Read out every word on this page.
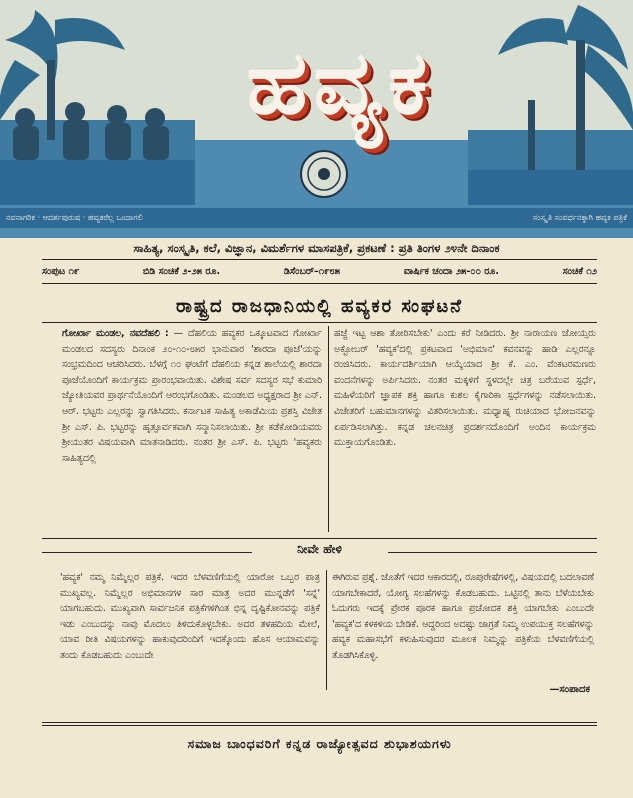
ಹವ್ಯಕ
ನವನಾಗರಿಕ · ಆದರ್ಶಪುರುಷ · ಹವ್ಯಕರೆಲ್ಲ ಒಂದಾಗಲಿ	ಸಂಸ್ಕೃತಿ ಸಂವರ್ಧನಕ್ಕಾಗಿ ಹವ್ಯಕ ಪತ್ರಿಕೆ
ಸಾಹಿತ್ಯ, ಸಂಸ್ಕೃತಿ, ಕಲೆ, ವಿಜ್ಞಾನ, ವಿಮರ್ಶೆಗಳ ಮಾಸಪತ್ರಿಕೆ, ಪ್ರಕಟಣೆ : ಪ್ರತಿ ತಿಂಗಳ ೨೪ನೇ ದಿನಾಂಕ
ಸಂಪುಟ ೧೯	ಬಿಡಿ ಸಂಚಿಕೆ ೨-೨೫ ರೂ.	ಡಿಸೆಂಬರ್–೧೯೮೫	ವಾರ್ಷಿಕ ಚಂದಾ ೨೫-೦೦ ರೂ.	ಸಂಚಿಕೆ ೧೨
ರಾಷ್ಟ್ರದ ರಾಜಧಾನಿಯಲ್ಲಿ ಹವ್ಯಕರ ಸಂಘಟನೆ

ಗೋರ್ಖಾ ಮಂಡಲ, ನವದೆಹಲಿ : — ದೆಹಲಿಯ ಹವ್ಯಕರ ಒಕ್ಕೂಟವಾದ ಗೋರ್ಖಾ ಮಂಡಲದ ಸದಸ್ಯರು ದಿನಾಂಕ ೨೦-೧೦-೮೫ರ ಭಾನುವಾರ 'ಶಾರದಾ ಪೂಜೆ'ಯನ್ನು ಸಂಭ್ರಮದಿಂದ ಆಚರಿಸಿದರು. ಬೆಳಗ್ಗೆ ೧೦ ಘಂಟೆಗೆ ದೆಹಲಿಯ ಕನ್ನಡ ಶಾಲೆಯಲ್ಲಿ ಶಾರದಾ ಪೂಜೆಯೊಂದಿಗೆ ಕಾರ್ಯಕ್ರಮ ಪ್ರಾರಂಭವಾಯಿತು. ವಿಶೇಷ ಸರ್ವ ಸದಸ್ಯರ ಸಭೆ ಕುಮಾರಿ ಜ್ಯೋತಿಯವರ ಪ್ರಾರ್ಥನೆಯೊಂದಿಗೆ ಆರಂಭಗೊಂಡಿತು. ಮಂಡಲದ ಅಧ್ಯಕ್ಷರಾದ ಶ್ರೀ ಎನ್. ಆರ್. ಭಟ್ಟರು ಎಲ್ಲರನ್ನು ಸ್ವಾಗತಿಸಿದರು. ಕರ್ನಾಟಕ ಸಾಹಿತ್ಯ ಅಕಾಡೆಮಿಯ ಪ್ರಶಸ್ತಿ ವಿಜೇತ ಶ್ರೀ ಎಸ್. ಪಿ. ಭಟ್ಟರನ್ನು ಹೃತ್ಪೂರ್ವಕವಾಗಿ ಸನ್ಮಾನಿಸಲಾಯಿತು. ಶ್ರೀ ಕಡೆಕೋಡಿಯವರು ಶ್ರೀಯುತರ ವಿಷಯವಾಗಿ ಮಾತನಾಡಿದರು. ನಂತರ ಶ್ರೀ ಎಸ್. ಪಿ. ಭಟ್ಟರು 'ಹವ್ಯಕರು ಸಾಹಿತ್ಯದಲ್ಲಿ

ಹಜ್ಜೆ ಇಟ್ಟ ಆಶಾ ತೋರಿಸಬೇಕು' ಎಂದು ಕರೆ ನೀಡಿದರು. ಶ್ರೀ ನಾರಾಯಣ ಜೋಯ್ಸರು ಅಕ್ಟೋಬರ್ 'ಹವ್ಯಕ'ದಲ್ಲಿ ಪ್ರಕಟವಾದ 'ಅಭಿಮಾನ' ಕವನವನ್ನು ಹಾಡಿ ಎಲ್ಲರನ್ನೂ ರಂಜಿಸಿದರು. ಕಾರ್ಯದರ್ಶಿಯಾಗಿ ಆಯ್ಕೆಯಾದ ಶ್ರೀ ಕೆ. ಎಂ. ವೆಂಕಟರಮಣರು ವಂದನೆಗಳನ್ನು ಅರ್ಪಿಸಿದರು. ನಂತರ ಮಕ್ಕಳಿಗೆ ಸ್ಥಳದಲ್ಲೇ ಚಿತ್ರ ಬರೆಯುವ ಸ್ಪರ್ಧೆ, ಮಹಿಳೆಯರಿಗೆ ಜ್ಞಾಪಕ ಶಕ್ತಿ ಹಾಗೂ ಕುಶಲ ಕೈಗಾರಿಕಾ ಸ್ಪರ್ಧೆಗಳನ್ನು ನಡೆಸಲಾಯಿತು. ವಿಜೇತರಿಗೆ ಬಹುಮಾನಗಳನ್ನು ವಿತರಿಸಲಾಯಿತು. ಮಧ್ಯಾಹ್ನ ರುಚಿಯಾದ ಭೋಜನವನ್ನು ಏರ್ಪಡಿಸಲಾಗಿತ್ತು. ಕನ್ನಡ ಚಲನಚಿತ್ರ ಪ್ರದರ್ಶನದೊಂದಿಗೆ ಅಂದಿನ ಕಾರ್ಯಕ್ರಮ ಮುಕ್ತಾಯಗೊಂಡಿತು.

ನೀವೇ ಹೇಳಿ

'ಹವ್ಯಕ' ನಮ್ಮ ನಿಮ್ಮೆಲ್ಲರ ಪತ್ರಿಕೆ. ಇದರ ಬೆಳವಣಿಗೆಯಲ್ಲಿ ಯಾರೋ ಒಬ್ಬರ ಪಾತ್ರ ಮುಖ್ಯವಲ್ಲ. ನಿಮ್ಮೆಲ್ಲರ ಅಭಿಮಾನಗಳ ಸಾರ ಮಾತ್ರ ಅದರ ಮುನ್ನಡೆಗೆ 'ಸನ್ನೆ' ಯಾಗಬಹುದು. ಮುಖ್ಯವಾಗಿ ಸಾರ್ವಜನಿಕ ಪತ್ರಿಕೆಗಳಿಗಿಂತ ಭಿನ್ನ ದೃಷ್ಟಿಕೋನವನ್ನು ಪತ್ರಿಕೆ ಇಡು ಎಂಬುದನ್ನು ನಾವು ಮೊದಲು ತಿಳಿದುಕೊಳ್ಳಬೇಕು. ಅದರ ತಳಹದಿಯ ಮೇಲೆ, ಯಾವ ರೀತಿ ವಿಷಯಗಳನ್ನು ಹಾಕುವುದರಿಂದಿಗೆ ಇದಕ್ಕೊಂದು ಹೊಸ ಆಯಾಮವನ್ನು ತಂದು ಕೊಡಬಹುದು ಎಂಬುದೇ

ಈಗಿರುವ ಪ್ರಶ್ನೆ. ಜೊತೆಗೆ ಇದರ ಆಕಾರದಲ್ಲಿ, ರೂಪುರೇಷೆಗಳಲ್ಲಿ, ವಿಷಯದಲ್ಲಿ ಬದಲಾವಣೆ ಯಾಗಬೇಕಾದರೆ, ಯೋಗ್ಯ ಸಲಹೆಗಳನ್ನು ಕೊಡಬಹುದು. ಒಟ್ಟಿನಲ್ಲಿ ತಾನು ಬೆಳೆಯಬೇಕು ಓದುಗರು ಇದಕ್ಕೆ ಪ್ರೇರಕ ಪೂರಕ ಹಾಗೂ ಪ್ರಚೋದಕ ಶಕ್ತಿ ಯಾಗಬೇಕು ಎಂಬುದೇ 'ಹವ್ಯಕ'ದ ಕಳಕಳಿಯ ಬೇಡಿಕೆ. ಆದ್ದರಿಂದ ಅದಷ್ಟು ಜಾಗ್ರತೆ ನಿಮ್ಮ ಉಪಯುಕ್ತ ಸಲಹೆಗಳನ್ನು ಹವ್ಯಕ ಮಹಾಸಭೆಗೆ ಕಳುಹಿಸುವುದರ ಮೂಲಕ ನಿಮ್ಮನ್ನು ಪತ್ರಿಕೆಯ ಬೆಳವಣಿಗೆಯಲ್ಲಿ ತೊಡಗಿಸಿಕೊಳ್ಳಿ.

—ಸಂಪಾದಕ
ಸಮಾಜ ಬಾಂಧವರಿಗೆ ಕನ್ನಡ ರಾಜ್ಯೋತ್ಸವದ ಶುಭಾಶಯಗಳು
